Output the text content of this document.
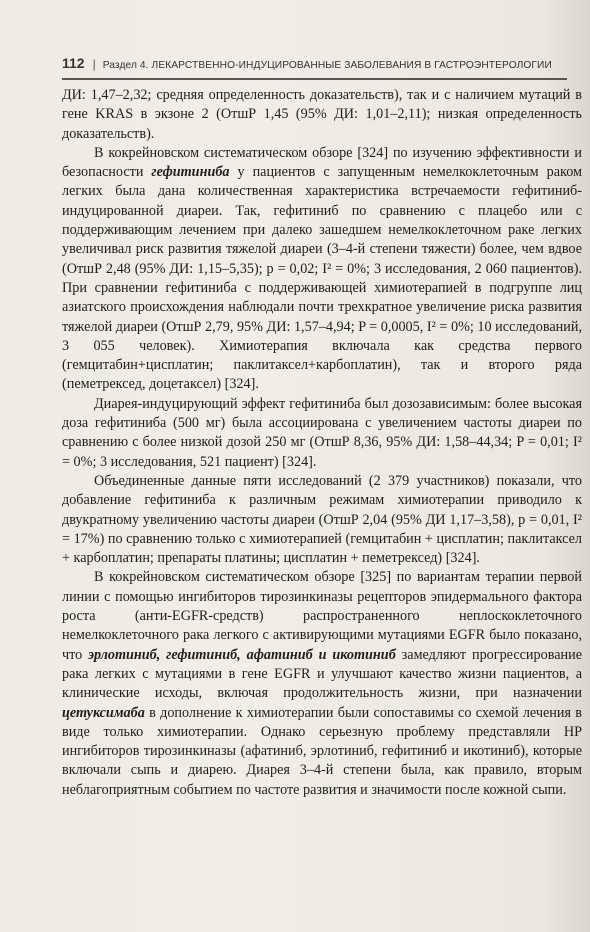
112 | Раздел 4. ЛЕКАРСТВЕННО-ИНДУЦИРОВАННЫЕ ЗАБОЛЕВАНИЯ В ГАСТРОЭНТЕРОЛОГИИ

ДИ: 1,47–2,32; средняя определенность доказательств), так и с наличием мутаций в гене KRAS в экзоне 2 (ОтшР 1,45 (95% ДИ: 1,01–2,11); низкая определенность доказательств).

В кокрейновском систематическом обзоре [324] по изучению эффективности и безопасности гефитиниба у пациентов с запущенным немелкоклеточным раком легких была дана количественная характеристика встречаемости гефитиниб-индуцированной диареи. Так, гефитиниб по сравнению с плацебо или с поддерживающим лечением при далеко зашедшем немелкоклеточном раке легких увеличивал риск развития тяжелой диареи (3–4-й степени тяжести) более, чем вдвое (ОтшР 2,48 (95% ДИ: 1,15–5,35); p = 0,02; I² = 0%; 3 исследования, 2 060 пациентов). При сравнении гефитиниба с поддерживающей химиотерапией в подгруппе лиц азиатского происхождения наблюдали почти трехкратное увеличение риска развития тяжелой диареи (ОтшР 2,79, 95% ДИ: 1,57–4,94; P = 0,0005, I² = 0%; 10 исследований, 3 055 человек). Химиотерапия включала как средства первого (гемцитабин+цисплатин; паклитаксел+карбоплатин), так и второго ряда (пеметрексед, доцетаксел) [324].

Диарея-индуцирующий эффект гефитиниба был дозозависимым: более высокая доза гефитиниба (500 мг) была ассоциирована с увеличением частоты диареи по сравнению с более низкой дозой 250 мг (ОтшР 8,36, 95% ДИ: 1,58–44,34; P = 0,01; I² = 0%; 3 исследования, 521 пациент) [324].

Объединенные данные пяти исследований (2 379 участников) показали, что добавление гефитиниба к различным режимам химиотерапии приводило к двукратному увеличению частоты диареи (ОтшР 2,04 (95% ДИ 1,17–3,58), p = 0,01, I² = 17%) по сравнению только с химиотерапией (гемцитабин + цисплатин; паклитаксел + карбоплатин; препараты платины; цисплатин + пеметрексед) [324].

В кокрейновском систематическом обзоре [325] по вариантам терапии первой линии с помощью ингибиторов тирозинкиназы рецепторов эпидермального фактора роста (анти-EGFR-средств) распространенного неплоскоклеточного немелкоклеточного рака легкого с активирующими мутациями EGFR было показано, что эрлотиниб, гефитиниб, афатиниб и икотиниб замедляют прогрессирование рака легких с мутациями в гене EGFR и улучшают качество жизни пациентов, а клинические исходы, включая продолжительность жизни, при назначении цетуксимаба в дополнение к химиотерапии были сопоставимы со схемой лечения в виде только химиотерапии. Однако серьезную проблему представляли НР ингибиторов тирозинкиназы (афатиниб, эрлотиниб, гефитиниб и икотиниб), которые включали сыпь и диарею. Диарея 3–4-й степени была, как правило, вторым неблагоприятным событием по частоте развития и значимости после кожной сыпи.
